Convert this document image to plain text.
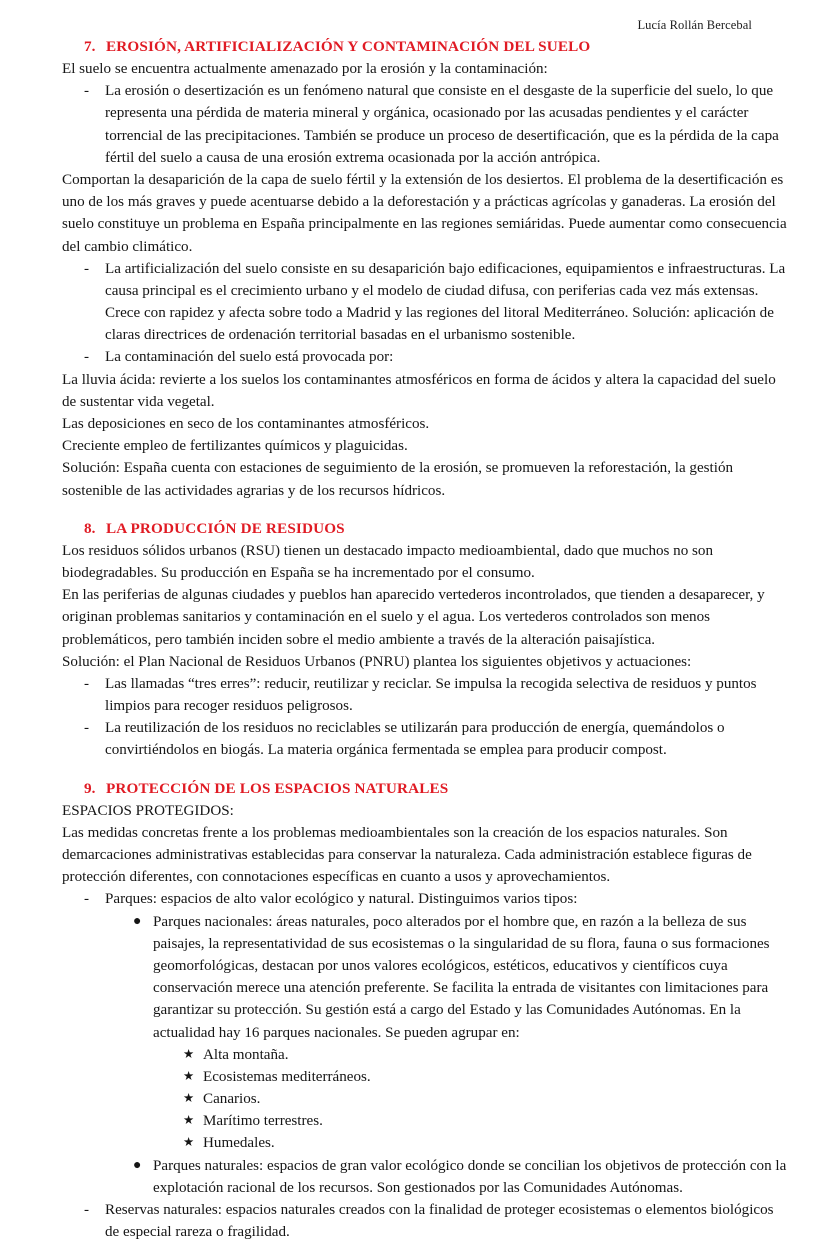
Lucía Rollán Bercebal
7. EROSIÓN, ARTIFICIALIZACIÓN Y CONTAMINACIÓN DEL SUELO

El suelo se encuentra actualmente amenazado por la erosión y la contaminación:

- La erosión o desertización es un fenómeno natural que consiste en el desgaste de la superficie del suelo, lo que representa una pérdida de materia mineral y orgánica, ocasionado por las acusadas pendientes y el carácter torrencial de las precipitaciones. También se produce un proceso de desertificación, que es la pérdida de la capa fértil del suelo a causa de una erosión extrema ocasionada por la acción antrópica.

Comportan la desaparición de la capa de suelo fértil y la extensión de los desiertos. El problema de la desertificación es uno de los más graves y puede acentuarse debido a la deforestación y a prácticas agrícolas y ganaderas. La erosión del suelo constituye un problema en España principalmente en las regiones semiáridas. Puede aumentar como consecuencia del cambio climático.

- La artificialización del suelo consiste en su desaparición bajo edificaciones, equipamientos e infraestructuras. La causa principal es el crecimiento urbano y el modelo de ciudad difusa, con periferias cada vez más extensas. Crece con rapidez y afecta sobre todo a Madrid y las regiones del litoral Mediterráneo. Solución: aplicación de claras directrices de ordenación territorial basadas en el urbanismo sostenible.
- La contaminación del suelo está provocada por:

La lluvia ácida: revierte a los suelos los contaminantes atmosféricos en forma de ácidos y altera la capacidad del suelo de sustentar vida vegetal.

Las deposiciones en seco de los contaminantes atmosféricos.

Creciente empleo de fertilizantes químicos y plaguicidas.

Solución: España cuenta con estaciones de seguimiento de la erosión, se promueven la reforestación, la gestión sostenible de las actividades agrarias y de los recursos hídricos.

8. LA PRODUCCIÓN DE RESIDUOS

Los residuos sólidos urbanos (RSU) tienen un destacado impacto medioambiental, dado que muchos no son biodegradables. Su producción en España se ha incrementado por el consumo.

En las periferias de algunas ciudades y pueblos han aparecido vertederos incontrolados, que tienden a desaparecer, y originan problemas sanitarios y contaminación en el suelo y el agua. Los vertederos controlados son menos problemáticos, pero también inciden sobre el medio ambiente a través de la alteración paisajística.

Solución: el Plan Nacional de Residuos Urbanos (PNRU) plantea los siguientes objetivos y actuaciones:

- Las llamadas “tres erres”: reducir, reutilizar y reciclar. Se impulsa la recogida selectiva de residuos y puntos limpios para recoger residuos peligrosos.
- La reutilización de los residuos no reciclables se utilizarán para producción de energía, quemándolos o convirtiéndolos en biogás. La materia orgánica fermentada se emplea para producir compost.
9. PROTECCIÓN DE LOS ESPACIOS NATURALES

ESPACIOS PROTEGIDOS:

Las medidas concretas frente a los problemas medioambientales son la creación de los espacios naturales. Son demarcaciones administrativas establecidas para conservar la naturaleza. Cada administración establece figuras de protección diferentes, con connotaciones específicas en cuanto a usos y aprovechamientos.

- Parques: espacios de alto valor ecológico y natural. Distinguimos varios tipos:
● Parques nacionales: áreas naturales, poco alterados por el hombre que, en razón a la belleza de sus paisajes, la representatividad de sus ecosistemas o la singularidad de su flora, fauna o sus formaciones geomorfológicas, destacan por unos valores ecológicos, estéticos, educativos y científicos cuya conservación merece una atención preferente. Se facilita la entrada de visitantes con limitaciones para garantizar su protección. Su gestión está a cargo del Estado y las Comunidades Autónomas. En la actualidad hay 16 parques nacionales. Se pueden agrupar en:
★ Alta montaña.
★ Ecosistemas mediterráneos.
★ Canarios.
★ Marítimo terrestres.
★ Humedales.
● Parques naturales: espacios de gran valor ecológico donde se concilian los objetivos de protección con la explotación racional de los recursos. Son gestionados por las Comunidades Autónomas.
- Reservas naturales: espacios naturales creados con la finalidad de proteger ecosistemas o elementos biológicos de especial rareza o fragilidad.
